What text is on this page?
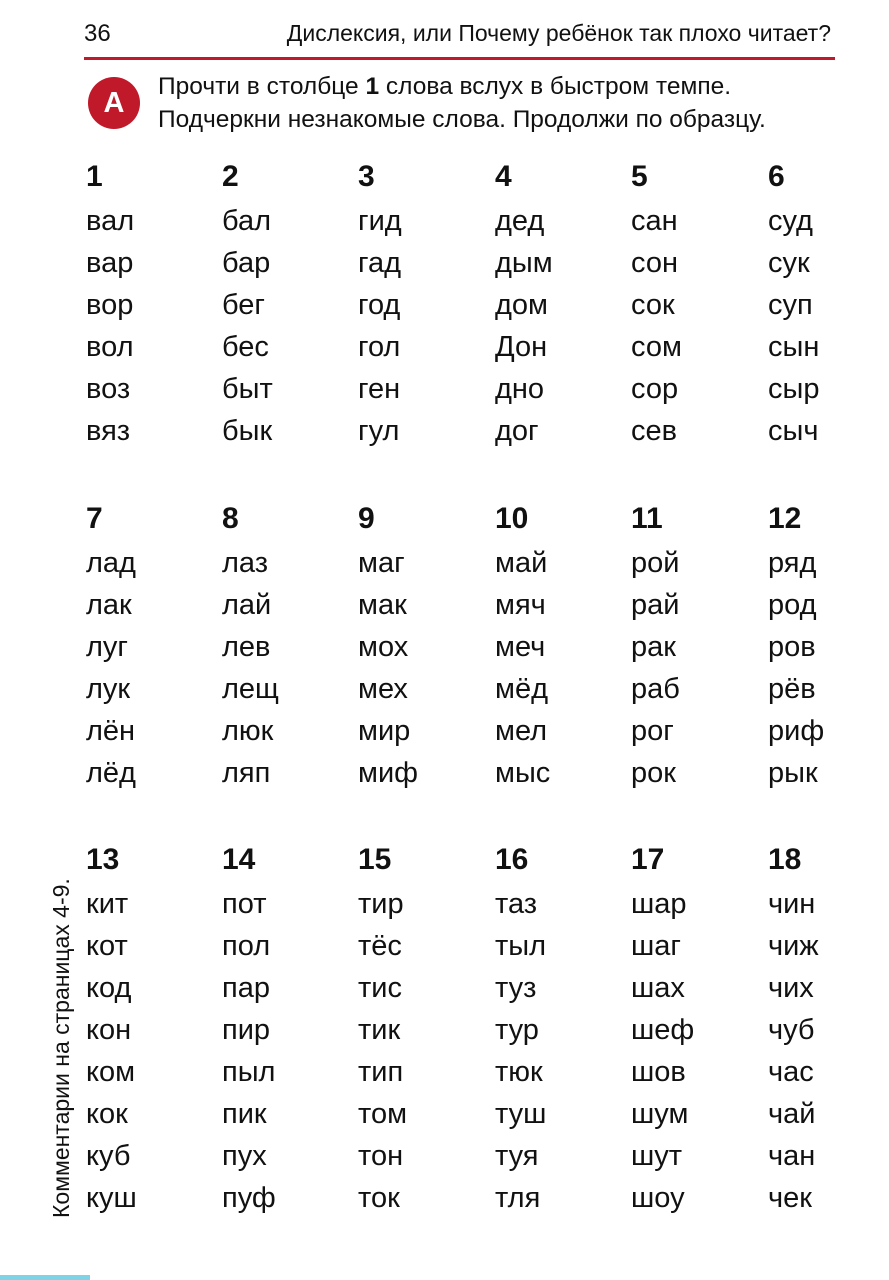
36	Дислексия, или Почему ребёнок так плохо читает?
А	Прочти в столбце 1 слова вслух в быстром темпе.
Подчеркни незнакомые слова. Продолжи по образцу.
Комментарии на страницах 4-9.
1
вал
вар
вор
вол
воз
вяз
2
бал
бар
бег
бес
быт
бык
3
гид
гад
год
гол
ген
гул
4
дед
дым
дом
Дон
дно
дог
5
сан
сон
сок
сом
сор
сев
6
суд
сук
суп
сын
сыр
сыч
7
лад
лак
луг
лук
лён
лёд
8
лаз
лай
лев
лещ
люк
ляп
9
маг
мак
мох
мех
мир
миф
10
май
мяч
меч
мёд
мел
мыс
11
рой
рай
рак
раб
рог
рок
12
ряд
род
ров
рёв
риф
рык
13
кит
кот
код
кон
ком
кок
куб
куш
14
пот
пол
пар
пир
пыл
пик
пух
пуф
15
тир
тёс
тис
тик
тип
том
тон
ток
16
таз
тыл
туз
тур
тюк
туш
туя
тля
17
шар
шаг
шах
шеф
шов
шум
шут
шоу
18
чин
чиж
чих
чуб
час
чай
чан
чек
